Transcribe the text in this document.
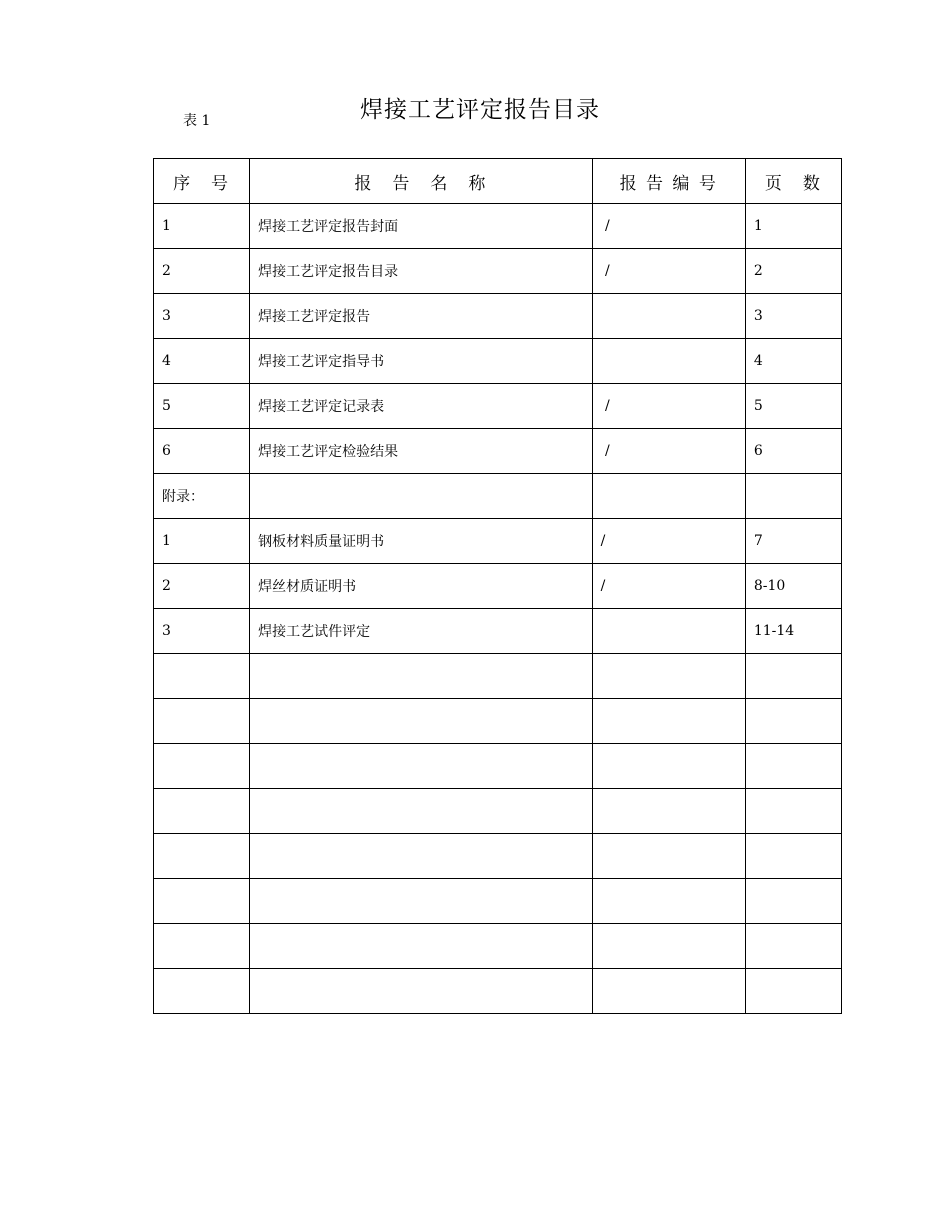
表 1	焊接工艺评定报告目录
序　号	报　告　名　称	报 告 编 号	页　数
1	焊接工艺评定报告封面	/	1
2	焊接工艺评定报告目录	/	2
3	焊接工艺评定报告		3
4	焊接工艺评定指导书		4
5	焊接工艺评定记录表	/	5
6	焊接工艺评定检验结果	/	6
附录：			
1	钢板材料质量证明书	/	7
2	焊丝材质证明书	/	8-10
3	焊接工艺试件评定		11-14
